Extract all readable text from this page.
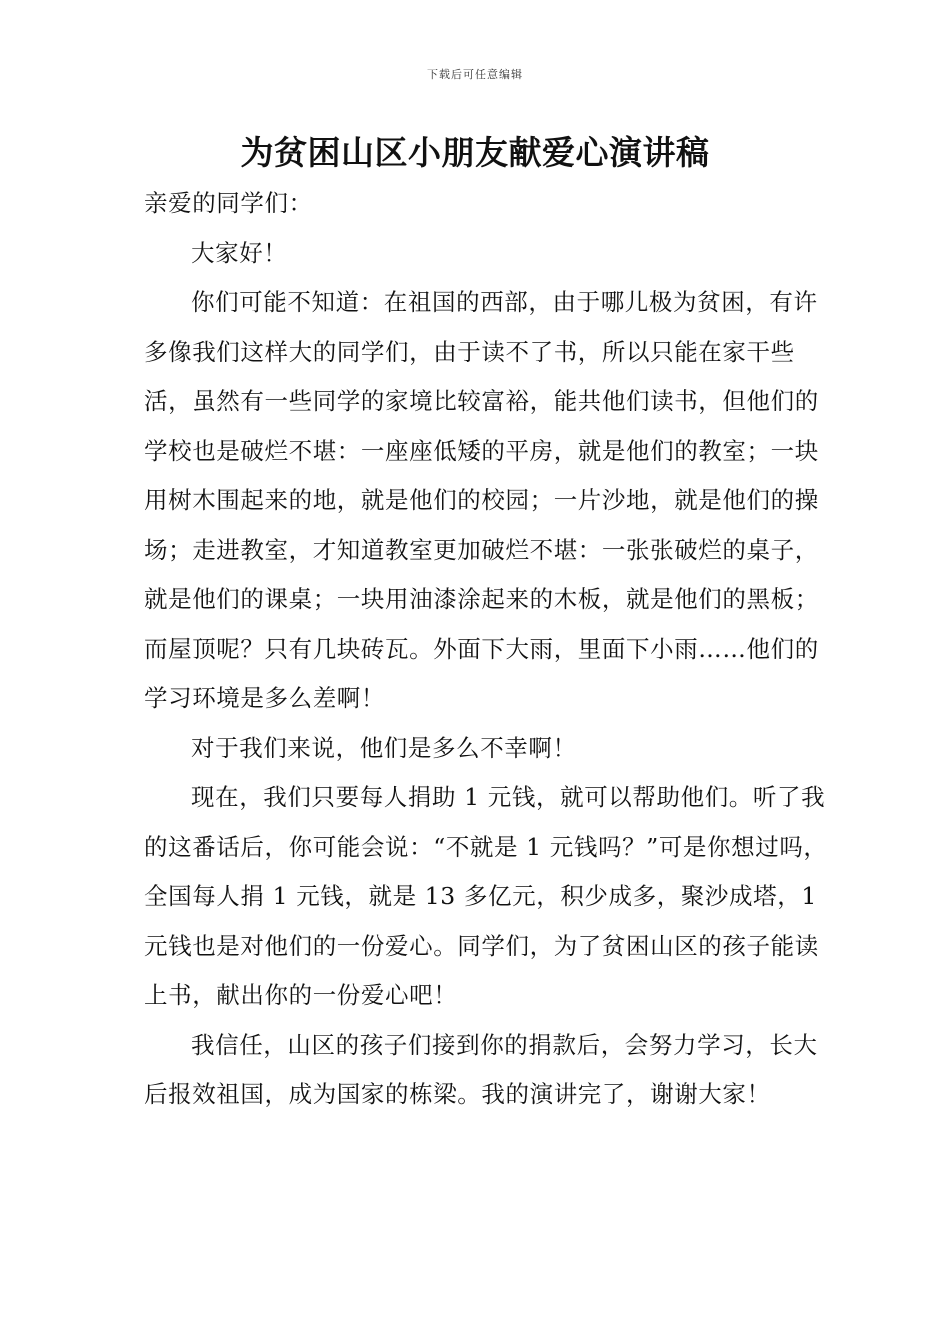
下载后可任意编辑
为贫困山区小朋友献爱心演讲稿

亲爱的同学们：

大家好！

你们可能不知道：在祖国的西部，由于哪儿极为贫困，有许多像我们这样大的同学们，由于读不了书，所以只能在家干些活，虽然有一些同学的家境比较富裕，能共他们读书，但他们的学校也是破烂不堪：一座座低矮的平房，就是他们的教室；一块用树木围起来的地，就是他们的校园；一片沙地，就是他们的操场；走进教室，才知道教室更加破烂不堪：一张张破烂的桌子，就是他们的课桌；一块用油漆涂起来的木板，就是他们的黑板；而屋顶呢？只有几块砖瓦。外面下大雨，里面下小雨……他们的学习环境是多么差啊！

对于我们来说，他们是多么不幸啊！

现在，我们只要每人捐助 1 元钱，就可以帮助他们。听了我的这番话后，你可能会说：“不就是 1 元钱吗？”可是你想过吗，全国每人捐 1 元钱，就是 13 多亿元，积少成多，聚沙成塔，1 元钱也是对他们的一份爱心。同学们，为了贫困山区的孩子能读上书，献出你的一份爱心吧！

我信任，山区的孩子们接到你的捐款后，会努力学习，长大后报效祖国，成为国家的栋梁。我的演讲完了，谢谢大家！
